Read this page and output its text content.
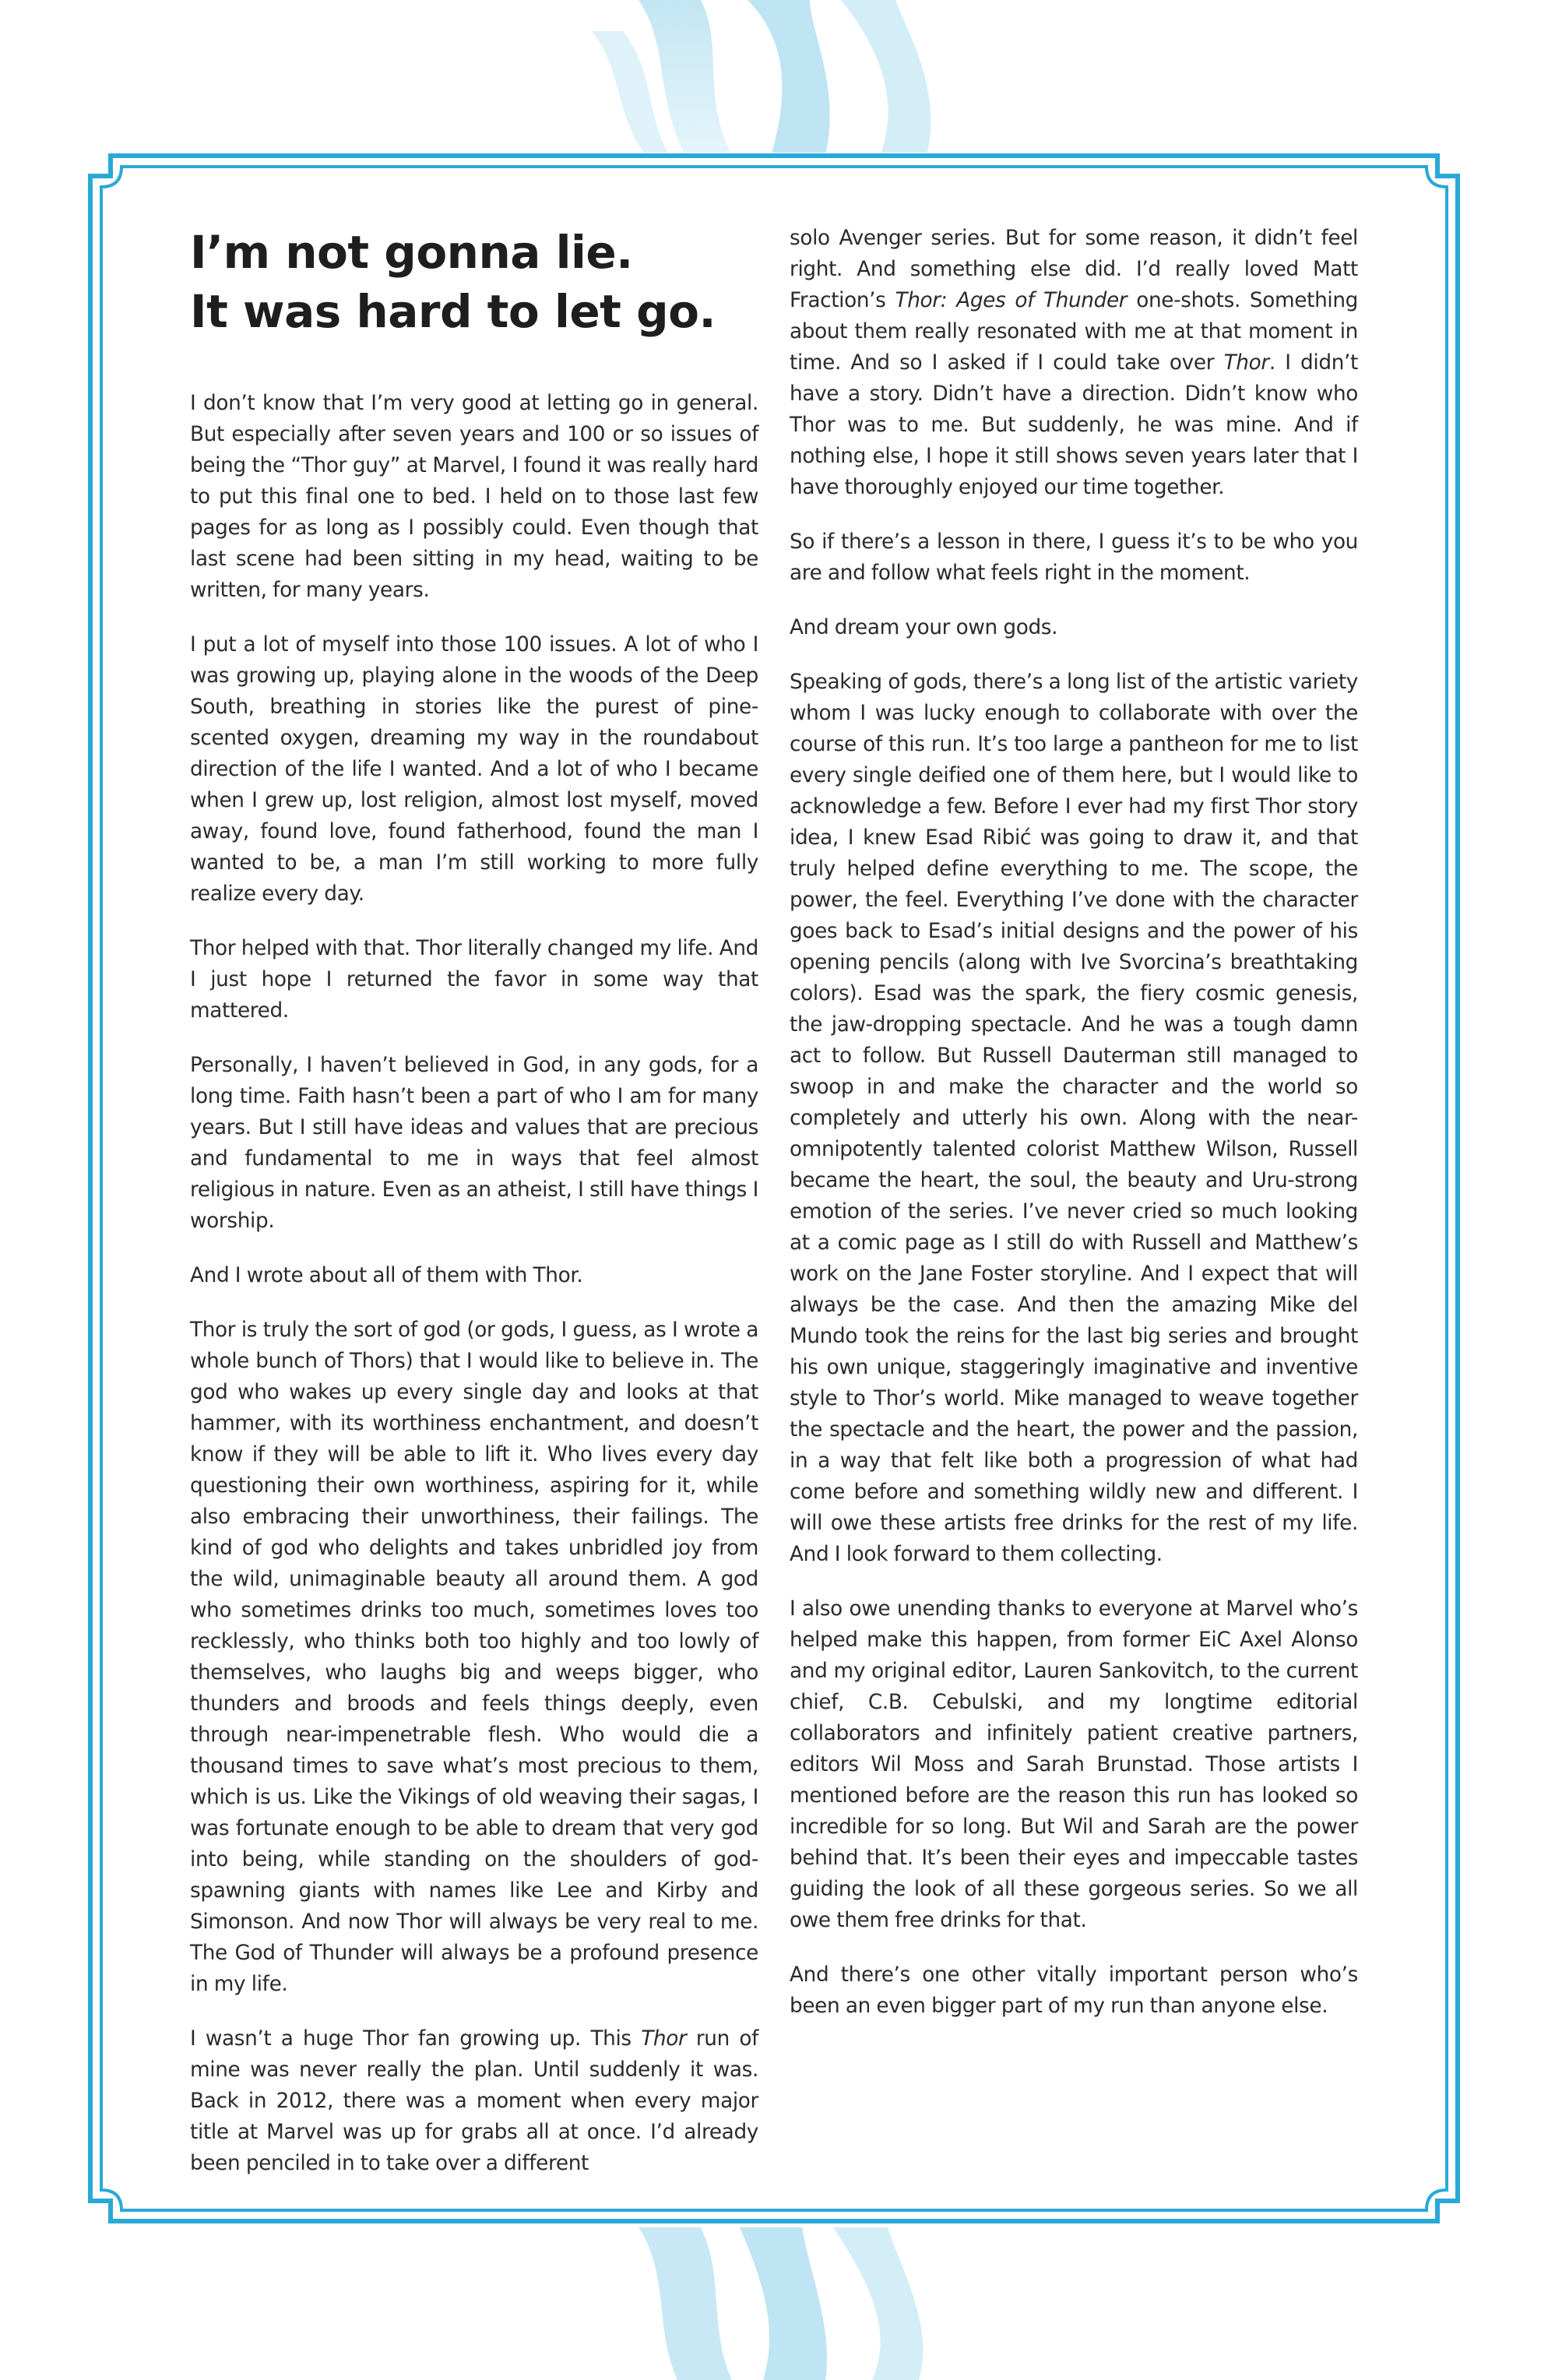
I’m not gonna lie.
It was hard to let go.

I don’t know that I’m very good at letting go in general. But especially after seven years and 100 or so issues of being the “Thor guy” at Marvel, I found it was really hard to put this final one to bed. I held on to those last few pages for as long as I possibly could. Even though that last scene had been sitting in my head, waiting to be written, for many years.

I put a lot of myself into those 100 issues. A lot of who I was growing up, playing alone in the woods of the Deep South, breathing in stories like the purest of pine-scented oxygen, dreaming my way in the roundabout direction of the life I wanted. And a lot of who I became when I grew up, lost religion, almost lost myself, moved away, found love, found fatherhood, found the man I wanted to be, a man I’m still working to more fully realize every day.

Thor helped with that. Thor literally changed my life. And I just hope I returned the favor in some way that mattered.

Personally, I haven’t believed in God, in any gods, for a long time. Faith hasn’t been a part of who I am for many years. But I still have ideas and values that are precious and fundamental to me in ways that feel almost religious in nature. Even as an atheist, I still have things I worship.

And I wrote about all of them with Thor.

Thor is truly the sort of god (or gods, I guess, as I wrote a whole bunch of Thors) that I would like to believe in. The god who wakes up every single day and looks at that hammer, with its worthiness enchantment, and doesn’t know if they will be able to lift it. Who lives every day questioning their own worthiness, aspiring for it, while also embracing their unworthiness, their failings. The kind of god who delights and takes unbridled joy from the wild, unimaginable beauty all around them. A god who sometimes drinks too much, sometimes loves too recklessly, who thinks both too highly and too lowly of themselves, who laughs big and weeps bigger, who thunders and broods and feels things deeply, even through near-impenetrable flesh. Who would die a thousand times to save what’s most precious to them, which is us. Like the Vikings of old weaving their sagas, I was fortunate enough to be able to dream that very god into being, while standing on the shoulders of god-spawning giants with names like Lee and Kirby and Simonson. And now Thor will always be very real to me. The God of Thunder will always be a profound presence in my life.

I wasn’t a huge Thor fan growing up. This Thor run of mine was never really the plan. Until suddenly it was. Back in 2012, there was a moment when every major title at Marvel was up for grabs all at once. I’d already been penciled in to take over a different

solo Avenger series. But for some reason, it didn’t feel right. And something else did. I’d really loved Matt Fraction’s Thor: Ages of Thunder one-shots. Something about them really resonated with me at that moment in time. And so I asked if I could take over Thor. I didn’t have a story. Didn’t have a direction. Didn’t know who Thor was to me. But suddenly, he was mine. And if nothing else, I hope it still shows seven years later that I have thoroughly enjoyed our time together.

So if there’s a lesson in there, I guess it’s to be who you are and follow what feels right in the moment.

And dream your own gods.

Speaking of gods, there’s a long list of the artistic variety whom I was lucky enough to collaborate with over the course of this run. It’s too large a pantheon for me to list every single deified one of them here, but I would like to acknowledge a few. Before I ever had my first Thor story idea, I knew Esad Ribić was going to draw it, and that truly helped define everything to me. The scope, the power, the feel. Everything I’ve done with the character goes back to Esad’s initial designs and the power of his opening pencils (along with Ive Svorcina’s breathtaking colors). Esad was the spark, the fiery cosmic genesis, the jaw-dropping spectacle. And he was a tough damn act to follow. But Russell Dauterman still managed to swoop in and make the character and the world so completely and utterly his own. Along with the near-omnipotently talented colorist Matthew Wilson, Russell became the heart, the soul, the beauty and Uru-strong emotion of the series. I’ve never cried so much looking at a comic page as I still do with Russell and Matthew’s work on the Jane Foster storyline. And I expect that will always be the case. And then the amazing Mike del Mundo took the reins for the last big series and brought his own unique, staggeringly imaginative and inventive style to Thor’s world. Mike managed to weave together the spectacle and the heart, the power and the passion, in a way that felt like both a progression of what had come before and something wildly new and different. I will owe these artists free drinks for the rest of my life. And I look forward to them collecting.

I also owe unending thanks to everyone at Marvel who’s helped make this happen, from former EiC Axel Alonso and my original editor, Lauren Sankovitch, to the current chief, C.B. Cebulski, and my longtime editorial collaborators and infinitely patient creative partners, editors Wil Moss and Sarah Brunstad. Those artists I mentioned before are the reason this run has looked so incredible for so long. But Wil and Sarah are the power behind that. It’s been their eyes and impeccable tastes guiding the look of all these gorgeous series. So we all owe them free drinks for that.

And there’s one other vitally important person who’s been an even bigger part of my run than anyone else.
